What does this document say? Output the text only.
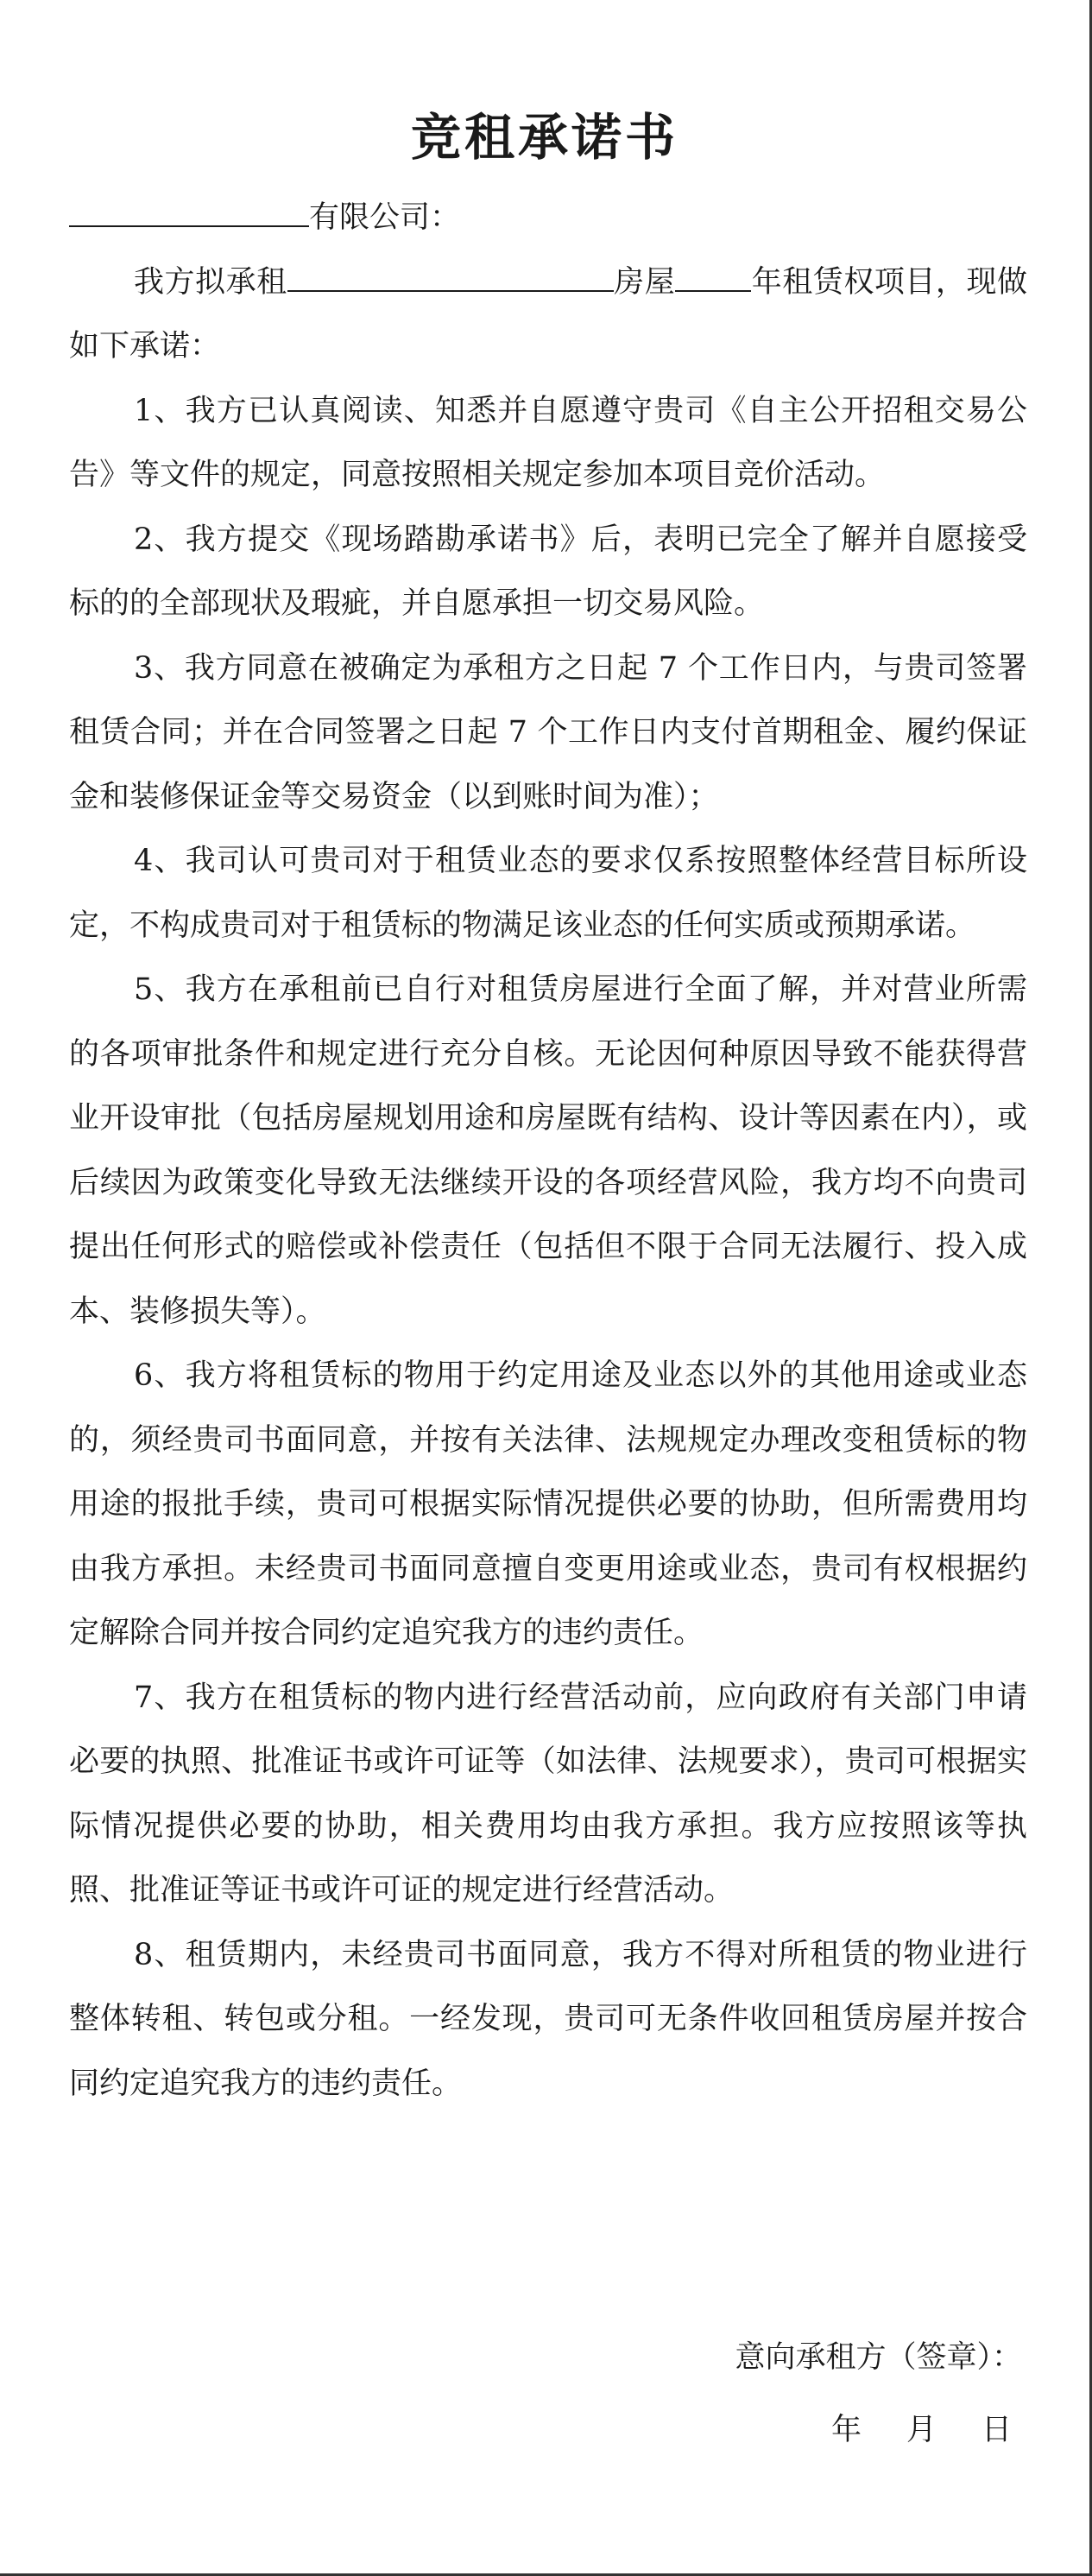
竞租承诺书

有限公司：

我方拟承租	房屋	年租赁权项目，现做如下承诺：

1、我方已认真阅读、知悉并自愿遵守贵司《自主公开招租交易公告》等文件的规定，同意按照相关规定参加本项目竞价活动。

2、我方提交《现场踏勘承诺书》后，表明已完全了解并自愿接受标的的全部现状及瑕疵，并自愿承担一切交易风险。

3、我方同意在被确定为承租方之日起 7 个工作日内，与贵司签署租赁合同；并在合同签署之日起 7 个工作日内支付首期租金、履约保证金和装修保证金等交易资金（以到账时间为准）；

4、我司认可贵司对于租赁业态的要求仅系按照整体经营目标所设定，不构成贵司对于租赁标的物满足该业态的任何实质或预期承诺。

5、我方在承租前已自行对租赁房屋进行全面了解，并对营业所需的各项审批条件和规定进行充分自核。无论因何种原因导致不能获得营业开设审批（包括房屋规划用途和房屋既有结构、设计等因素在内），或后续因为政策变化导致无法继续开设的各项经营风险，我方均不向贵司提出任何形式的赔偿或补偿责任（包括但不限于合同无法履行、投入成本、装修损失等）。

6、我方将租赁标的物用于约定用途及业态以外的其他用途或业态的，须经贵司书面同意，并按有关法律、法规规定办理改变租赁标的物用途的报批手续，贵司可根据实际情况提供必要的协助，但所需费用均由我方承担。未经贵司书面同意擅自变更用途或业态，贵司有权根据约定解除合同并按合同约定追究我方的违约责任。

7、我方在租赁标的物内进行经营活动前，应向政府有关部门申请必要的执照、批准证书或许可证等（如法律、法规要求），贵司可根据实际情况提供必要的协助，相关费用均由我方承担。我方应按照该等执照、批准证等证书或许可证的规定进行经营活动。

8、租赁期内，未经贵司书面同意，我方不得对所租赁的物业进行整体转租、转包或分租。一经发现，贵司可无条件收回租赁房屋并按合同约定追究我方的违约责任。

意向承租方（签章）：
年 月 日
